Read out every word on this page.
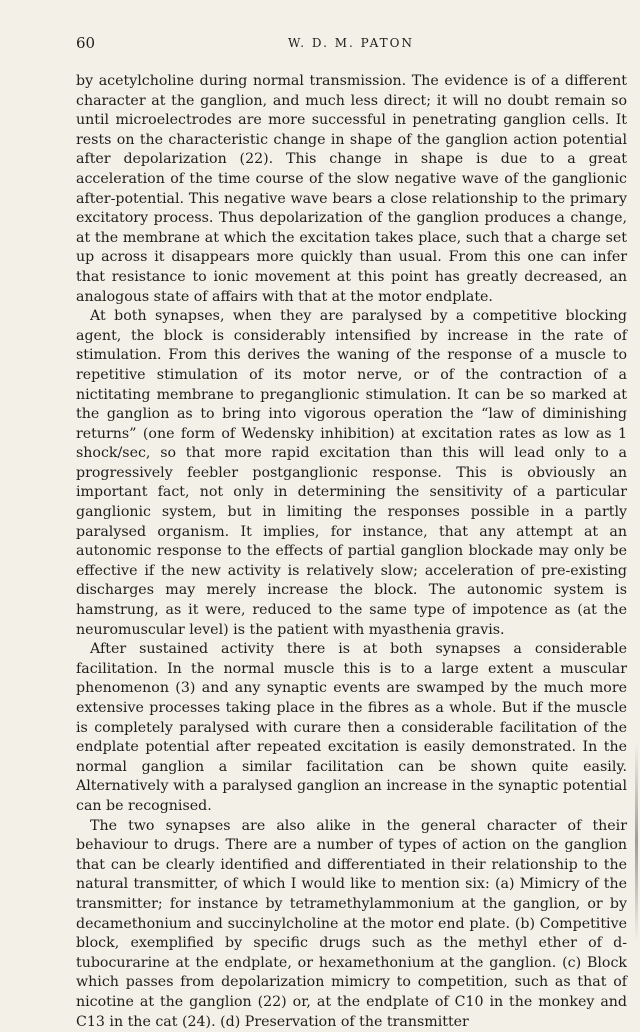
60	W. D. M. PATON

by acetylcholine during normal transmission. The evidence is of a different character at the ganglion, and much less direct; it will no doubt remain so until microelectrodes are more successful in penetrating ganglion cells. It rests on the characteristic change in shape of the ganglion action potential after depolarization (22). This change in shape is due to a great acceleration of the time course of the slow negative wave of the ganglionic after-potential. This negative wave bears a close relationship to the primary excitatory process. Thus depolarization of the ganglion produces a change, at the membrane at which the excitation takes place, such that a charge set up across it disappears more quickly than usual. From this one can infer that resistance to ionic movement at this point has greatly decreased, an analogous state of affairs with that at the motor endplate.

At both synapses, when they are paralysed by a competitive blocking agent, the block is considerably intensified by increase in the rate of stimulation. From this derives the waning of the response of a muscle to repetitive stimulation of its motor nerve, or of the contraction of a nictitating membrane to preganglionic stimulation. It can be so marked at the ganglion as to bring into vigorous operation the “law of diminishing returns” (one form of Wedensky inhibition) at excitation rates as low as 1 shock/sec, so that more rapid excitation than this will lead only to a progressively feebler postganglionic response. This is obviously an important fact, not only in determining the sensitivity of a particular ganglionic system, but in limiting the responses possible in a partly paralysed organism. It implies, for instance, that any attempt at an autonomic response to the effects of partial ganglion blockade may only be effective if the new activity is relatively slow; acceleration of pre-existing discharges may merely increase the block. The autonomic system is hamstrung, as it were, reduced to the same type of impotence as (at the neuromuscular level) is the patient with myasthenia gravis.

After sustained activity there is at both synapses a considerable facilitation. In the normal muscle this is to a large extent a muscular phenomenon (3) and any synaptic events are swamped by the much more extensive processes taking place in the fibres as a whole. But if the muscle is completely paralysed with curare then a considerable facilitation of the endplate potential after repeated excitation is easily demonstrated. In the normal ganglion a similar facilitation can be shown quite easily. Alternatively with a paralysed ganglion an increase in the synaptic potential can be recognised.

The two synapses are also alike in the general character of their behaviour to drugs. There are a number of types of action on the ganglion that can be clearly identified and differentiated in their relationship to the natural transmitter, of which I would like to mention six: (a) Mimicry of the transmitter; for instance by tetramethylammonium at the ganglion, or by decamethonium and succinylcholine at the motor end plate. (b) Competitive block, exemplified by specific drugs such as the methyl ether of d-tubocurarine at the endplate, or hexamethonium at the ganglion. (c) Block which passes from depolarization mimicry to competition, such as that of nicotine at the ganglion (22) or, at the endplate of C10 in the monkey and C13 in the cat (24). (d) Preservation of the transmitter
